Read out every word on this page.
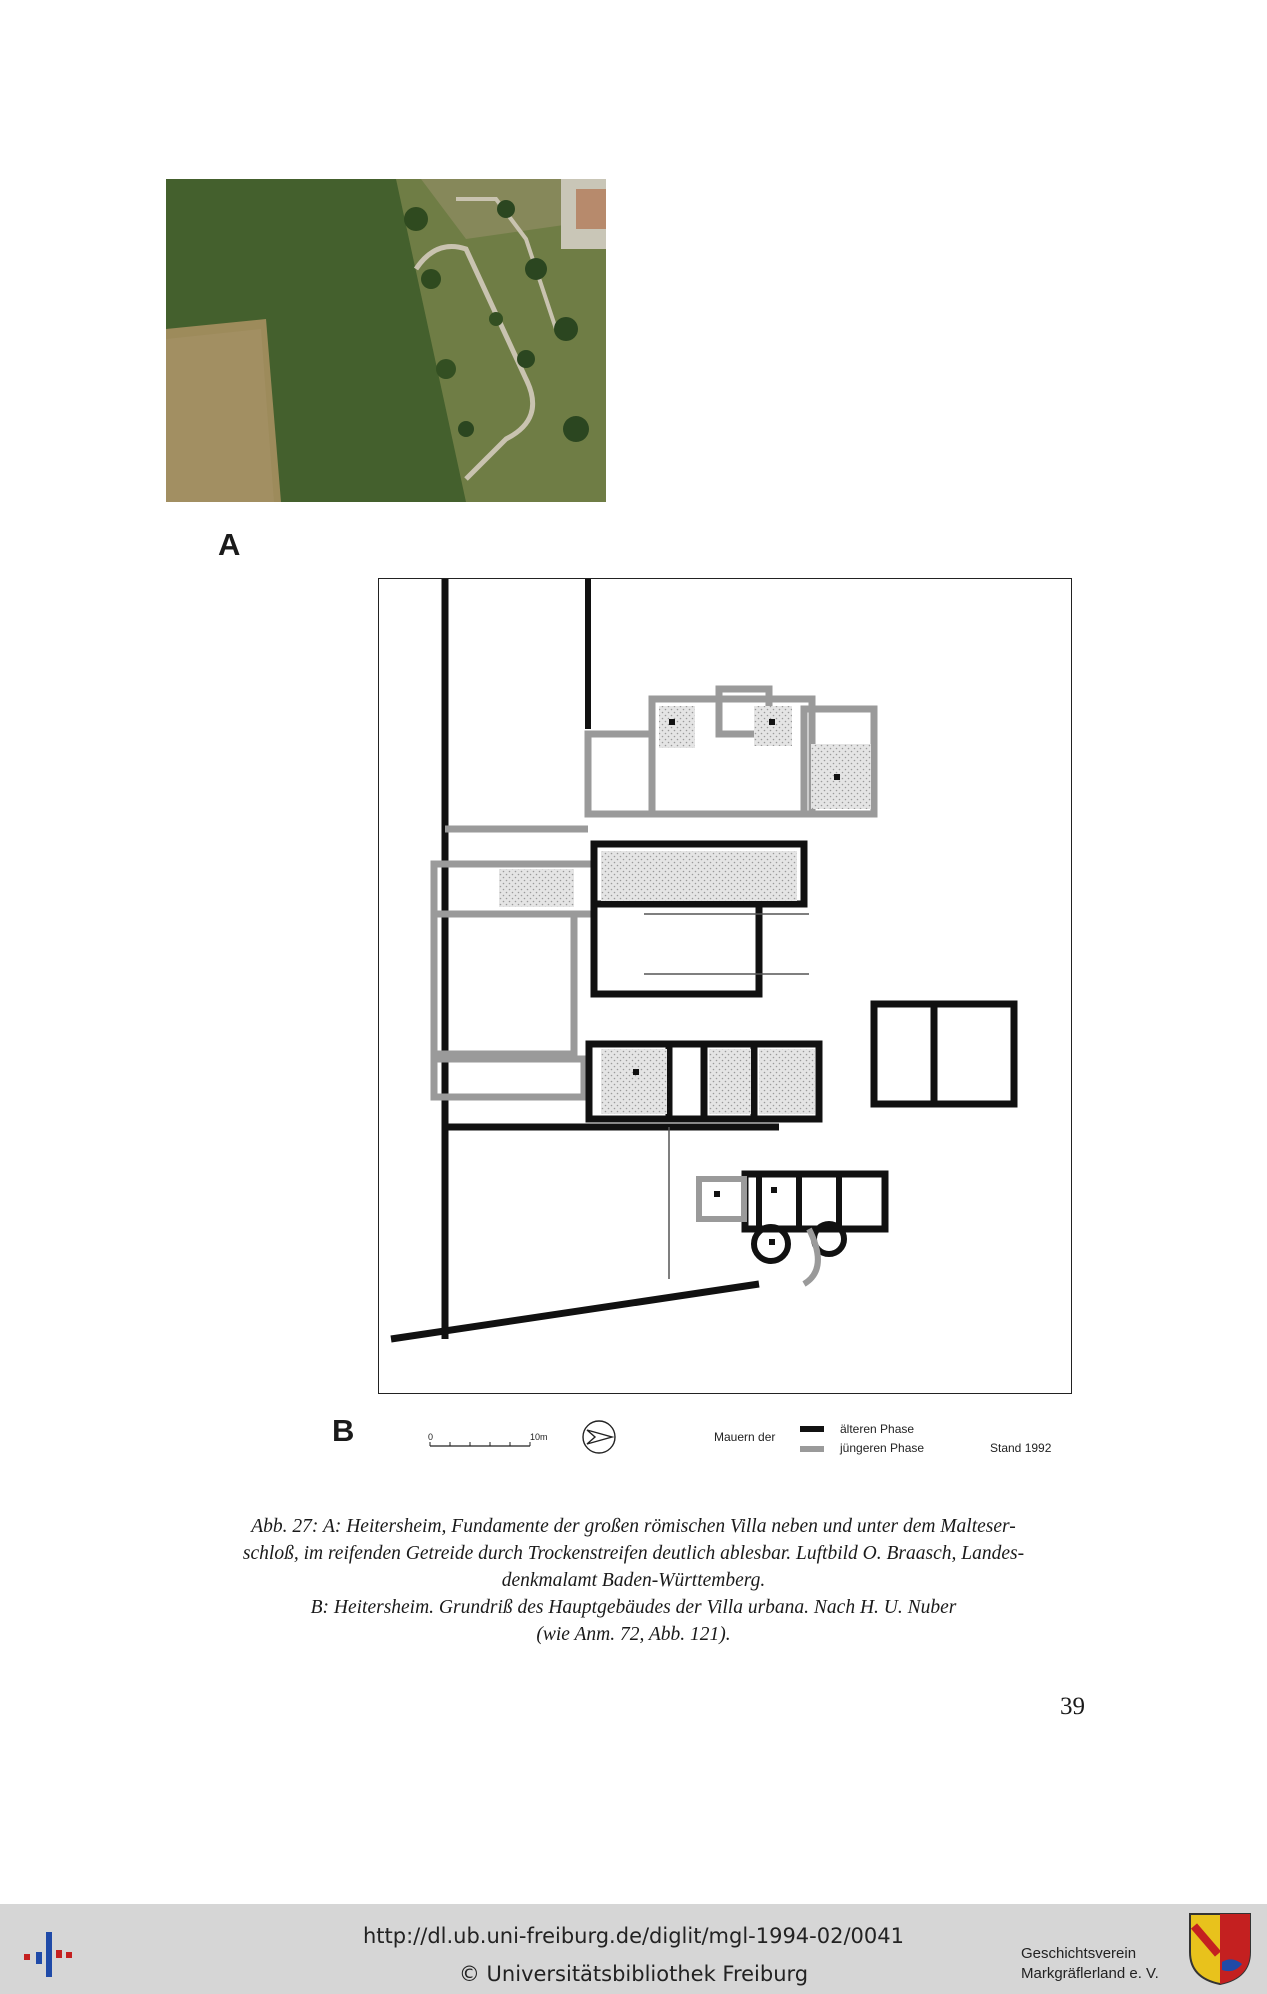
A
B	0	10m	Mauern der
älteren Phase
jüngeren Phase	Stand 1992
Abb. 27: A: Heitersheim, Fundamente der großen römischen Villa neben und unter dem Malteser-
schloß, im reifenden Getreide durch Trockenstreifen deutlich ablesbar. Luftbild O. Braasch, Landes-
denkmalamt Baden-Württemberg.
B: Heitersheim. Grundriß des Hauptgebäudes der Villa urbana. Nach H. U. Nuber
(wie Anm. 72, Abb. 121).
39
http://dl.ub.uni-freiburg.de/diglit/mgl-1994-02/0041
© Universitätsbibliothek Freiburg
Geschichtsverein
Markgräflerland e. V.
